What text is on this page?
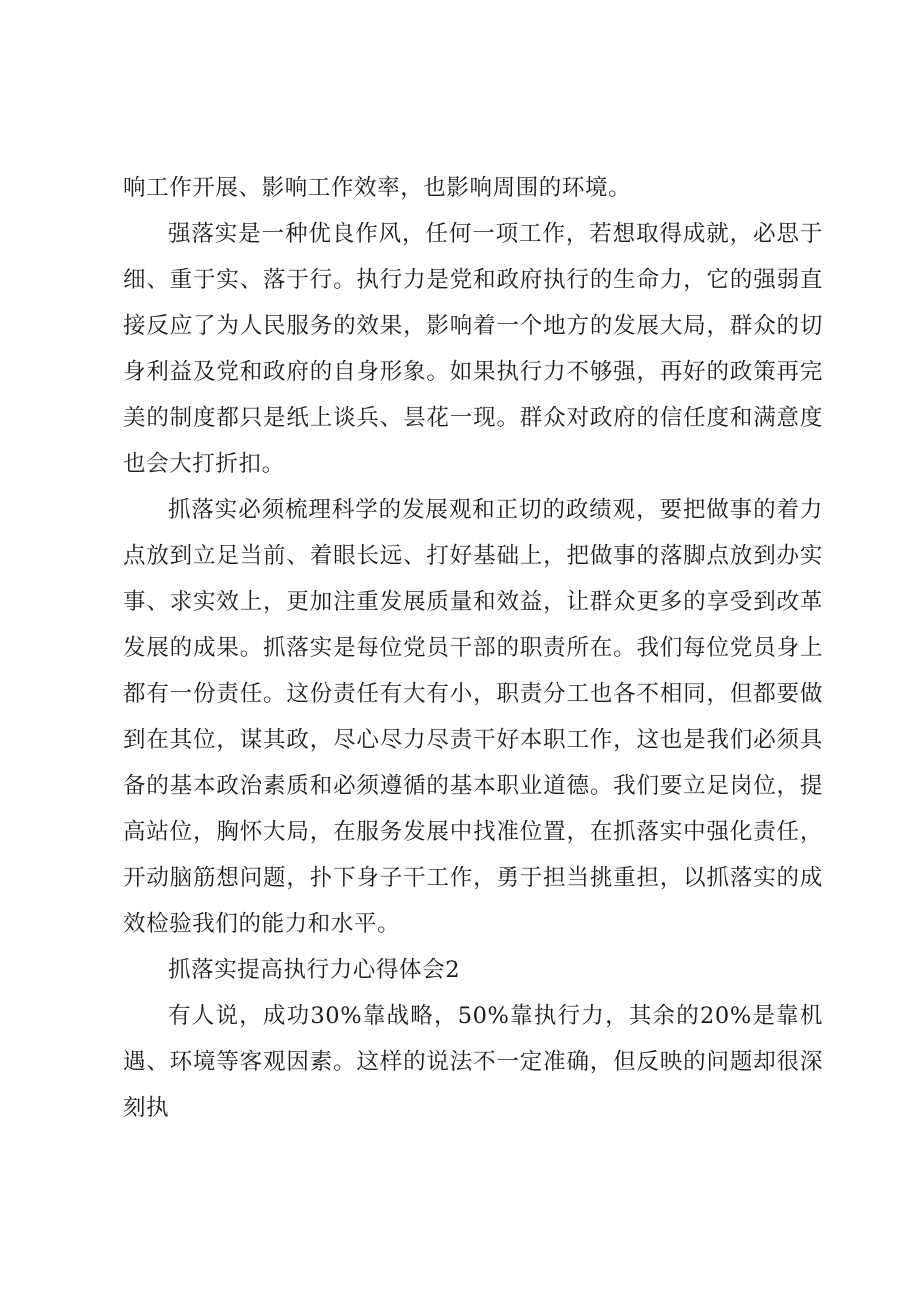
响工作开展、影响工作效率，也影响周围的环境。

强落实是一种优良作风，任何一项工作，若想取得成就，必思于细、重于实、落于行。执行力是党和政府执行的生命力，它的强弱直接反应了为人民服务的效果，影响着一个地方的发展大局，群众的切身利益及党和政府的自身形象。如果执行力不够强，再好的政策再完美的制度都只是纸上谈兵、昙花一现。群众对政府的信任度和满意度也会大打折扣。

抓落实必须梳理科学的发展观和正切的政绩观，要把做事的着力点放到立足当前、着眼长远、打好基础上，把做事的落脚点放到办实事、求实效上，更加注重发展质量和效益，让群众更多的享受到改革发展的成果。抓落实是每位党员干部的职责所在。我们每位党员身上都有一份责任。这份责任有大有小，职责分工也各不相同，但都要做到在其位，谋其政，尽心尽力尽责干好本职工作，这也是我们必须具备的基本政治素质和必须遵循的基本职业道德。我们要立足岗位，提高站位，胸怀大局，在服务发展中找准位置，在抓落实中强化责任，开动脑筋想问题，扑下身子干工作，勇于担当挑重担，以抓落实的成效检验我们的能力和水平。

抓落实提高执行力心得体会2

有人说，成功30%靠战略，50%靠执行力，其余的20%是靠机遇、环境等客观因素。这样的说法不一定准确，但反映的问题却很深刻执
